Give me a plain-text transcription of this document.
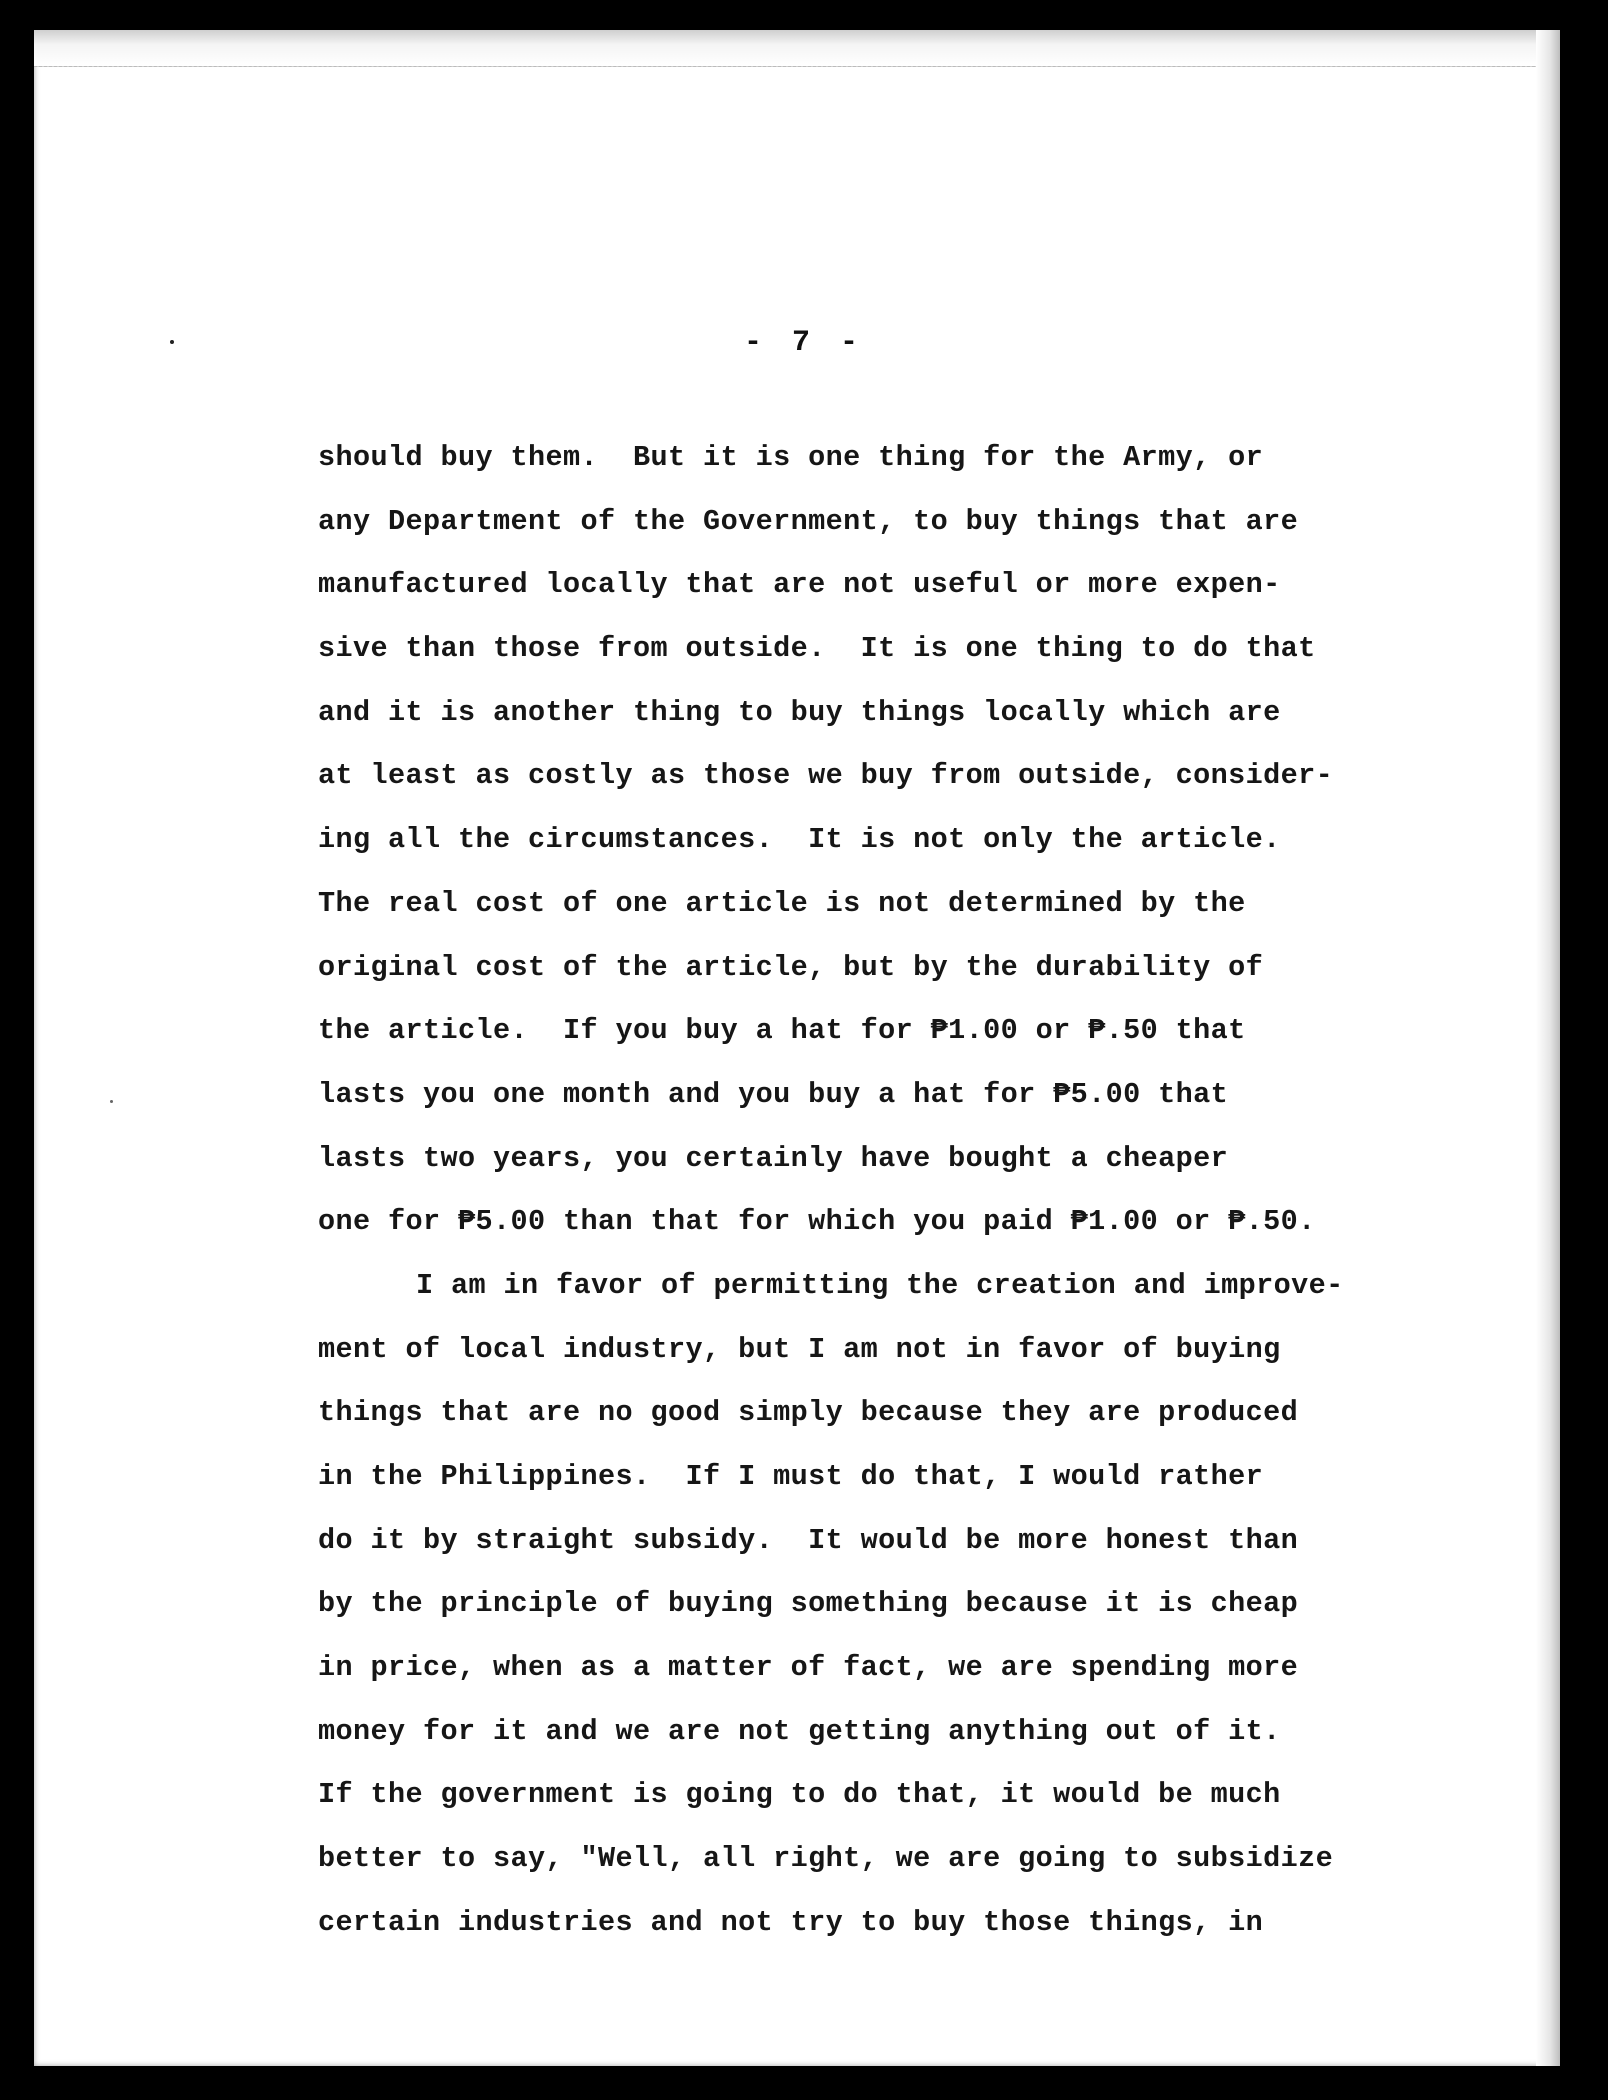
- 7 -
should buy them.  But it is one thing for the Army, or
any Department of the Government, to buy things that are
manufactured locally that are not useful or more expen-
sive than those from outside.  It is one thing to do that
and it is another thing to buy things locally which are
at least as costly as those we buy from outside, consider-
ing all the circumstances.  It is not only the article.
The real cost of one article is not determined by the
original cost of the article, but by the durability of
the article.  If you buy a hat for ₱1.00 or ₱.50 that
lasts you one month and you buy a hat for ₱5.00 that
lasts two years, you certainly have bought a cheaper
one for ₱5.00 than that for which you paid ₱1.00 or ₱.50.
I am in favor of permitting the creation and improve-
ment of local industry, but I am not in favor of buying
things that are no good simply because they are produced
in the Philippines.  If I must do that, I would rather
do it by straight subsidy.  It would be more honest than
by the principle of buying something because it is cheap
in price, when as a matter of fact, we are spending more
money for it and we are not getting anything out of it.
If the government is going to do that, it would be much
better to say, "Well, all right, we are going to subsidize
certain industries and not try to buy those things, in
